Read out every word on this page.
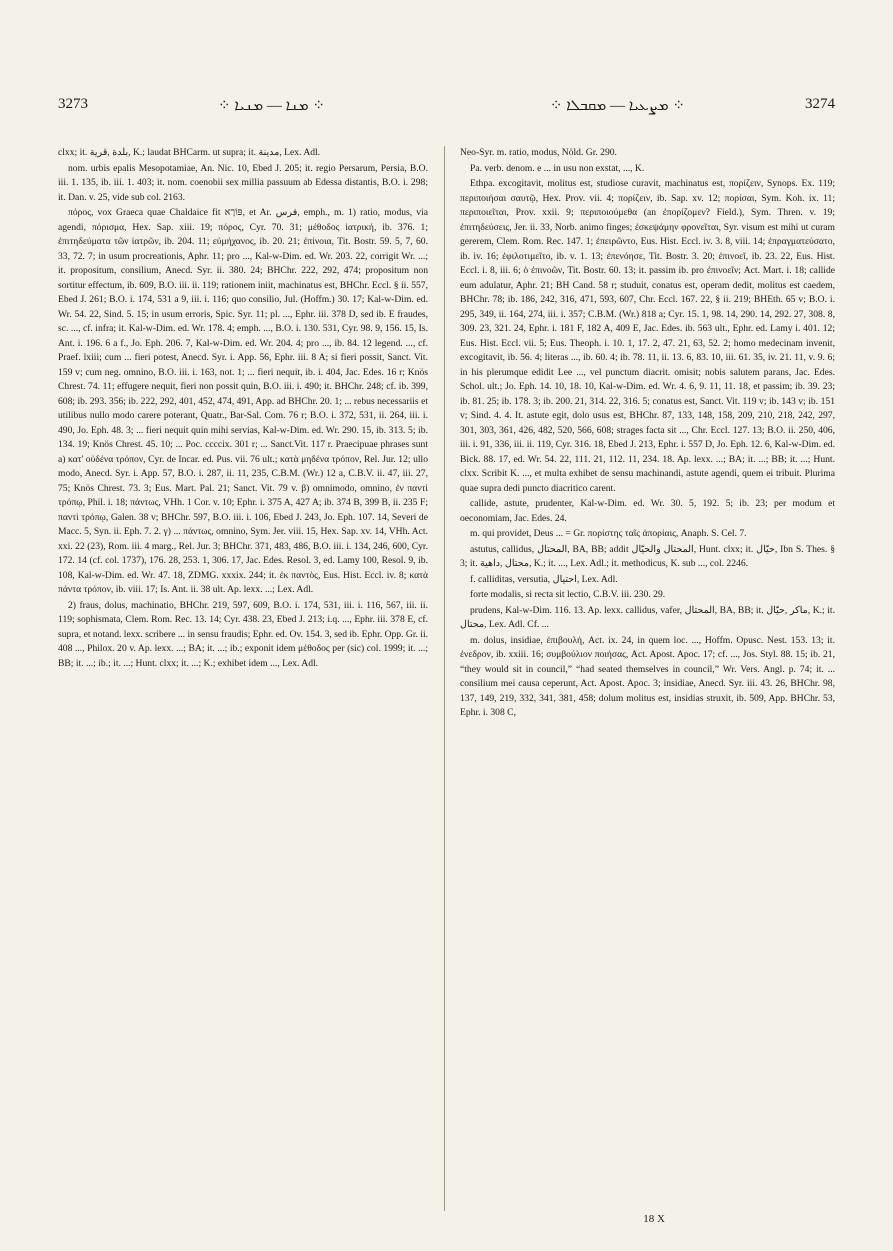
3273	⁘ ܡܢܐ — ܡܢܝܐ ⁘	⁘ ܡܨܥܝܐ — ܡܩܒܠܐ ⁘	3274

clxx; it. ‎قرية‎, ‎بلدة‎, K.; laudat BHCarm. ut supra; it. ‎مدينة‎, Lex. Adl.

nom. urbis epalis Mesopotamiae, An. Nic. 10, Ebed J. 205; it. regio Persarum, Persia, B.O. iii. 1. 135, ib. iii. 1. 403; it. nom. coenobii sex millia passuum ab Edessa distantis, B.O. i. 298; it. Dan. v. 25, vide sub col. 2163.

πόρος, vox Graeca quae Chaldaice fit פּוֹרָא, et Ar. ‎فرس‎, emph., m. 1) ratio, modus, via agendi, πόρισμα, Hex. Sap. xiii. 19; πόρος, Cyr. 70. 31; μέθοδος ἰατρική, ib. 376. 1; ἐπιτηδεύματα τῶν ἰατρῶν, ib. 204. 11; εὐμήχανος, ib. 20. 21; ἐπίνοια, Tit. Bostr. 59. 5, 7, 60. 33, 72. 7; in usum procreationis, Aphr. 11; pro ..., Kal-w-Dim. ed. Wr. 203. 22, corrigit Wr. ...; it. propositum, consilium, Anecd. Syr. ii. 380. 24; BHChr. 222, 292, 474; propositum non sortitur effectum, ib. 609, B.O. iii. ii. 119; rationem iniit, machinatus est, BHChr. Eccl. § ii. 557, Ebed J. 261; B.O. i. 174, 531 a 9, iii. i. 116; quo consilio, Jul. (Hoffm.) 30. 17; Kal-w-Dim. ed. Wr. 54. 22, Sind. 5. 15; in usum erroris, Spic. Syr. 11; pl. ..., Ephr. iii. 378 D, sed ib. E fraudes, sc. ..., cf. infra; it. Kal-w-Dim. ed. Wr. 178. 4; emph. ..., B.O. i. 130. 531, Cyr. 98. 9, 156. 15, Is. Ant. i. 196. 6 a f., Jo. Eph. 206. 7, Kal-w-Dim. ed. Wr. 204. 4; pro ..., ib. 84. 12 legend. ..., cf. Praef. lxiii; cum ... fieri potest, Anecd. Syr. i. App. 56, Ephr. iii. 8 A; si fieri possit, Sanct. Vit. 159 v; cum neg. omnino, B.O. iii. i. 163, not. 1; ... fieri nequit, ib. i. 404, Jac. Edes. 16 r; Knös Chrest. 74. 11; effugere nequit, fieri non possit quin, B.O. iii. i. 490; it. BHChr. 248; cf. ib. 399, 608; ib. 293. 356; ib. 222, 292, 401, 452, 474, 491, App. ad BHChr. 20. 1; ... rebus necessariis et utilibus nullo modo carere poterant, Quatr., Bar-Sal. Com. 76 r; B.O. i. 372, 531, ii. 264, iii. i. 490, Jo. Eph. 48. 3; ... fieri nequit quin mihi servias, Kal-w-Dim. ed. Wr. 290. 15, ib. 313. 5; ib. 134. 19; Knös Chrest. 45. 10; ... Poc. ccccix. 301 r; ... Sanct.Vit. 117 r. Praecipuae phrases sunt a) κατ' οὐδένα τρόπον, Cyr. de Incar. ed. Pus. vii. 76 ult.; κατὰ μηδένα τρόπον, Rel. Jur. 12; ullo modo, Anecd. Syr. i. App. 57, B.O. i. 287, ii. 11, 235, C.B.M. (Wr.) 12 a, C.B.V. ii. 47, iii. 27, 75; Knös Chrest. 73. 3; Eus. Mart. Pal. 21; Sanct. Vit. 79 v. β) omnimodo, omnino, ἐν παντὶ τρόπῳ, Phil. i. 18; πάντως, VHh. 1 Cor. v. 10; Ephr. i. 375 A, 427 A; ib. 374 B, 399 B, ii. 235 F; παντὶ τρόπῳ, Galen. 38 v; BHChr. 597, B.O. iii. i. 106, Ebed J. 243, Jo. Eph. 107. 14, Severi de Macc. 5, Syn. ii. Eph. 7. 2. γ) ... πάντως, omnino, Sym. Jer. viii. 15, Hex. Sap. xv. 14, VHh. Act. xxi. 22 (23), Rom. iii. 4 marg., Rel. Jur. 3; BHChr. 371, 483, 486, B.O. iii. i. 134, 246, 600, Cyr. 172. 14 (cf. col. 1737), 176. 28, 253. 1, 306. 17, Jac. Edes. Resol. 3, ed. Lamy 100, Resol. 9, ib. 108, Kal-w-Dim. ed. Wr. 47. 18, ZDMG. xxxix. 244; it. ἐκ παντὸς, Eus. Hist. Eccl. iv. 8; κατὰ πάντα τρόπον, ib. viii. 17; Is. Ant. ii. 38 ult. Ap. lexx. ...; Lex. Adl.

2) fraus, dolus, machinatio, BHChr. 219, 597, 609, B.O. i. 174, 531, iii. i. 116, 567, iii. ii. 119; sophismata, Clem. Rom. Rec. 13. 14; Cyr. 438. 23, Ebed J. 213; i.q. ..., Ephr. iii. 378 E, cf. supra, et notand. lexx. scribere ... in sensu fraudis; Ephr. ed. Ov. 154. 3, sed ib. Ephr. Opp. Gr. ii. 408 ..., Philox. 20 v. Ap. lexx. ...; BA; it. ...; ib.; exponit idem μέθοδος per (sic) col. 1999; it. ...; BB; it. ...; ib.; it. ...; Hunt. clxx; it. ...; K.; exhibet idem ..., Lex. Adl.

Neo-Syr. m. ratio, modus, Nöld. Gr. 290.

Pa. verb. denom. e ... in usu non exstat, ..., K.

Ethpa. excogitavit, molitus est, studiose curavit, machinatus est, πορίζειν, Synops. Ex. 119; περιποιήσαι σαυτῷ, Hex. Prov. vii. 4; πορίζειν, ib. Sap. xv. 12; πορίσαι, Sym. Koh. ix. 11; περιποιεῖται, Prov. xxii. 9; περιποιούμεθα (an ἐπορίζομεν? Field.), Sym. Thren. v. 19; ἐπιτηδεύσεις, Jer. ii. 33, Norb. animo finges; ἐσκεψάμην φρονεῖται, Syr. visum est mihi ut curam gererem, Clem. Rom. Rec. 147. 1; ἐπειρῶντο, Eus. Hist. Eccl. iv. 3. 8, viii. 14; ἐπραγματεύσατο, ib. iv. 16; ἐφιλοτιμεῖτο, ib. v. 1. 13; ἐπενόησε, Tit. Bostr. 3. 20; ἐπινοεῖ, ib. 23. 22, Eus. Hist. Eccl. i. 8, iii. 6; ὁ ἐπινοῶν, Tit. Bostr. 60. 13; it. passim ib. pro ἐπινοεῖν; Act. Mart. i. 18; callide eum adulatur, Aphr. 21; BH Cand. 58 r; studuit, conatus est, operam dedit, molitus est caedem, BHChr. 78; ib. 186, 242, 316, 471, 593, 607, Chr. Eccl. 167. 22, § ii. 219; BHEth. 65 v; B.O. i. 295, 349, ii. 164, 274, iii. i. 357; C.B.M. (Wr.) 818 a; Cyr. 15. 1, 98. 14, 290. 14, 292. 27, 308. 8, 309. 23, 321. 24, Ephr. i. 181 F, 182 A, 409 E, Jac. Edes. ib. 563 ult., Ephr. ed. Lamy i. 401. 12; Eus. Hist. Eccl. vii. 5; Eus. Theoph. i. 10. 1, 17. 2, 47. 21, 63, 52. 2; homo medecinam invenit, excogitavit, ib. 56. 4; literas ..., ib. 60. 4; ib. 78. 11, ii. 13. 6, 83. 10, iii. 61. 35, iv. 21. 11, v. 9. 6; in his plerumque edidit Lee ..., vel punctum diacrit. omisit; nobis salutem parans, Jac. Edes. Schol. ult.; Jo. Eph. 14. 10, 18. 10, Kal-w-Dim. ed. Wr. 4. 6, 9. 11, 11. 18, et passim; ib. 39. 23; ib. 81. 25; ib. 178. 3; ib. 200. 21, 314. 22, 316. 5; conatus est, Sanct. Vit. 119 v; ib. 143 v; ib. 151 v; Sind. 4. 4. It. astute egit, dolo usus est, BHChr. 87, 133, 148, 158, 209, 210, 218, 242, 297, 301, 303, 361, 426, 482, 520, 566, 608; strages facta sit ..., Chr. Eccl. 127. 13; B.O. ii. 250, 406, iii. i. 91, 336, iii. ii. 119, Cyr. 316. 18, Ebed J. 213, Ephr. i. 557 D, Jo. Eph. 12. 6, Kal-w-Dim. ed. Bick. 88. 17, ed. Wr. 54. 22, 111. 21, 112. 11, 234. 18. Ap. lexx. ...; BA; it. ...; BB; it. ...; Hunt. clxx. Scribit K. ..., et multa exhibet de sensu machinandi, astute agendi, quem ei tribuit. Plurima quae supra dedi puncto diacritico carent.

callide, astute, prudenter, Kal-w-Dim. ed. Wr. 30. 5, 192. 5; ib. 23; per modum et oeconomiam, Jac. Edes. 24.

m. qui providet, Deus ... = Gr. πορίστης ταῖς ἀπορίαις, Anaph. S. Cel. 7.

astutus, callidus, ‎المحتال‎, BA, BB; addit ‎المحتال والحيّال‎, Hunt. clxx; it. ‎حيّال‎, Ibn S. Thes. § 3; it. ‎داهية‎, ‎محتال‎, K.; it. ..., Lex. Adl.; it. methodicus, K. sub ..., col. 2246.

f. calliditas, versutia, ‎احتيال‎, Lex. Adl.

forte modalis, si recta sit lectio, C.B.V. iii. 230. 29.

prudens, Kal-w-Dim. 116. 13. Ap. lexx. callidus, vafer, ‎المحتال‎, BA, BB; it. ‎حيّال‎, ‎ماكر‎, K.; it. ‎محتال‎, Lex. Adl. Cf. ...

m. dolus, insidiae, ἐπιβουλή, Act. ix. 24, in quem loc. ..., Hoffm. Opusc. Nest. 153. 13; it. ἐνεδρον, ib. xxiii. 16; συμβούλιον ποιήσας, Act. Apost. Apoc. 17; cf. ..., Jos. Styl. 88. 15; ib. 21, “they would sit in council,” “had seated themselves in council,” Wr. Vers. Angl. p. 74; it. ... consilium mei causa ceperunt, Act. Apost. Apoc. 3; insidiae, Anecd. Syr. iii. 43. 26, BHChr. 98, 137, 149, 219, 332, 341, 381, 458; dolum molitus est, insidias struxit, ib. 509, App. BHChr. 53, Ephr. i. 308 C,

18 X
